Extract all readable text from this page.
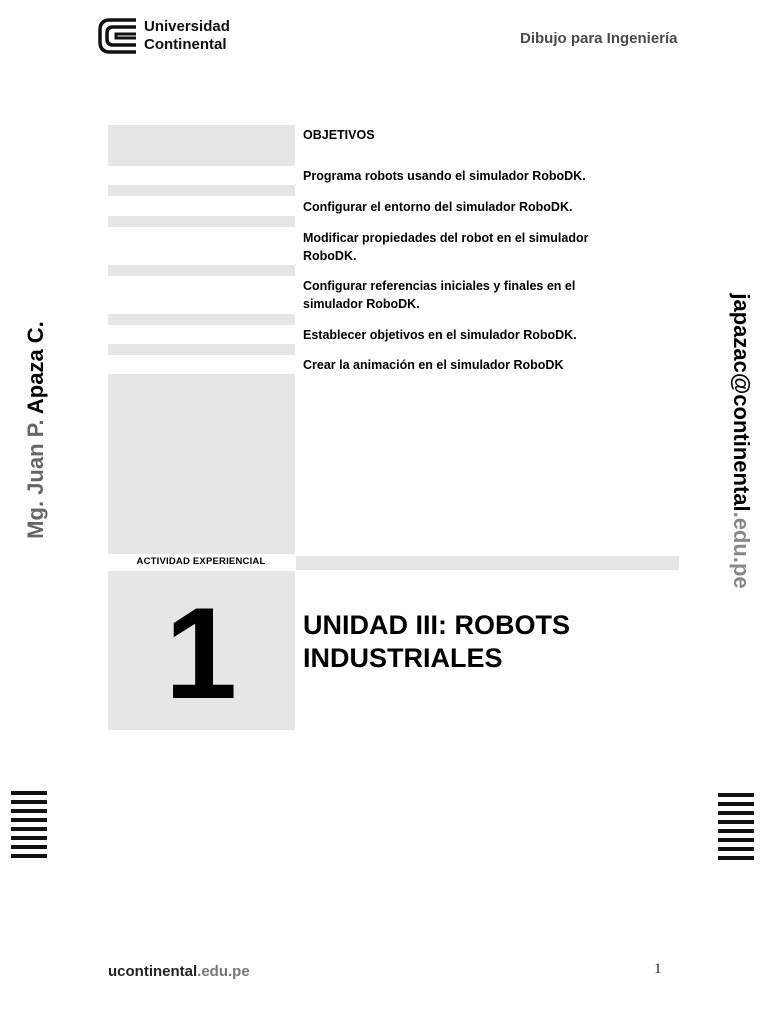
Universidad
Continental	Dibujo para Ingeniería
OBJETIVOS
Programa robots usando el simulador RoboDK.
Configurar el entorno del simulador RoboDK.
Modificar propiedades del robot en el simulador RoboDK.
Configurar referencias iniciales y finales en el simulador RoboDK.
Establecer objetivos en el simulador RoboDK.
Crear la animación en el simulador RoboDK
ACTIVIDAD EXPERIENCIAL
1	UNIDAD III: ROBOTS
INDUSTRIALES
Mg. Juan P. Apaza C.	japazac@continental.edu.pe
ucontinental.edu.pe	1
